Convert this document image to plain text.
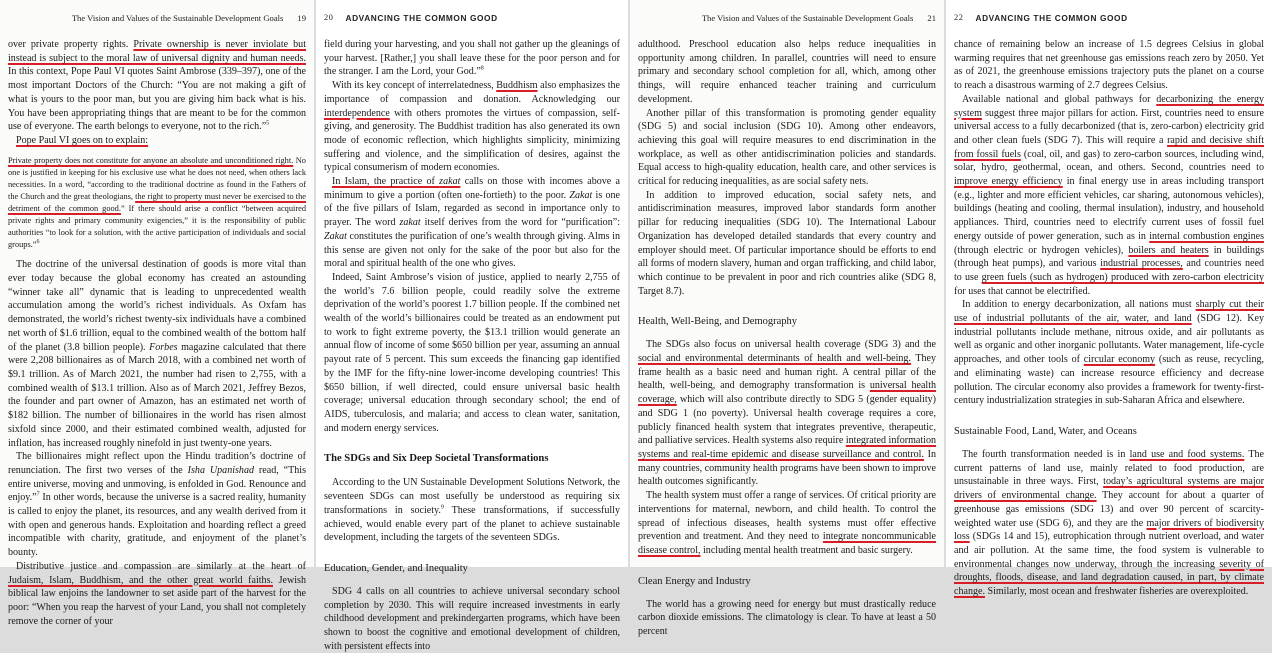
The Vision and Values of the Sustainable Development Goals 19

over private property rights. Private ownership is never inviolate but instead is subject to the moral law of universal dignity and human needs. In this context, Pope Paul VI quotes Saint Ambrose (339–397), one of the most important Doctors of the Church: “You are not making a gift of what is yours to the poor man, but you are giving him back what is his. You have been appropriating things that are meant to be for the common use of everyone. The earth belongs to everyone, not to the rich.”$^5$

Pope Paul VI goes on to explain:

Private property does not constitute for anyone an absolute and unconditioned right. No one is justified in keeping for his exclusive use what he does not need, when others lack necessities. In a word, “according to the traditional doctrine as found in the Fathers of the Church and the great theologians, the right to property must never be exercised to the detriment of the common good.” If there should arise a conflict “between acquired private rights and primary community exigencies,” it is the responsibility of public authorities “to look for a solution, with the active participation of individuals and social groups.”$^6$

The doctrine of the universal destination of goods is more vital than ever today because the global economy has created an astounding “winner take all” dynamic that is leading to unprecedented wealth accumulation among the world’s richest individuals. As Oxfam has demonstrated, the world’s richest twenty-six individuals have a combined net worth of $1.6 trillion, equal to the combined wealth of the bottom half of the planet (3.8 billion people). Forbes magazine calculated that there were 2,208 billionaires as of March 2018, with a combined net worth of $9.1 trillion. As of March 2021, the number had risen to 2,755, with a combined wealth of $13.1 trillion. Also as of March 2021, Jeffrey Bezos, the founder and part owner of Amazon, has an estimated net worth of $182 billion. The number of billionaires in the world has risen almost sixfold since 2000, and their estimated combined wealth, adjusted for inflation, has increased roughly ninefold in just twenty-one years.

The billionaires might reflect upon the Hindu tradition’s doctrine of renunciation. The first two verses of the Isha Upanishad read, “This entire universe, moving and unmoving, is enfolded in God. Renounce and enjoy.”$^7$ In other words, because the universe is a sacred reality, humanity is called to enjoy the planet, its resources, and any wealth derived from it with open and generous hands. Exploitation and hoarding reflect a greed incompatible with charity, gratitude, and enjoyment of the planet’s bounty.

Distributive justice and compassion are similarly at the heart of Judaism, Islam, Buddhism, and the other great world faiths. Jewish biblical law enjoins the landowner to set aside part of the harvest for the poor: “When you reap the harvest of your Land, you shall not completely remove the corner of your

20 ADVANCING THE COMMON GOOD

field during your harvesting, and you shall not gather up the gleanings of your harvest. [Rather,] you shall leave these for the poor person and for the stranger. I am the Lord, your God.”$^8$

With its key concept of interrelatedness, Buddhism also emphasizes the importance of compassion and donation. Acknowledging our interdependence with others promotes the virtues of compassion, self-giving, and generosity. The Buddhist tradition has also generated its own mode of economic reflection, which highlights simplicity, minimizing suffering and violence, and the simplification of desires, against the typical consumerism of modern economies.

In Islam, the practice of zakat calls on those with incomes above a minimum to give a portion (often one-fortieth) to the poor. Zakat is one of the five pillars of Islam, regarded as second in importance only to prayer. The word zakat itself derives from the word for “purification”: Zakat constitutes the purification of one’s wealth through giving. Alms in this sense are given not only for the sake of the poor but also for the moral and spiritual health of the one who gives.

Indeed, Saint Ambrose’s vision of justice, applied to nearly 2,755 of the world’s 7.6 billion people, could readily solve the extreme deprivation of the world’s poorest 1.7 billion people. If the combined net wealth of the world’s billionaires could be treated as an endowment put to work to fight extreme poverty, the $13.1 trillion would generate an annual flow of income of some $650 billion per year, assuming an annual payout rate of 5 percent. This sum exceeds the financing gap identified by the IMF for the fifty-nine lower-income developing countries! This $650 billion, if well directed, could ensure universal basic health coverage; universal education through secondary school; the end of AIDS, tuberculosis, and malaria; and access to clean water, sanitation, and modern energy services.

The SDGs and Six Deep Societal Transformations

According to the UN Sustainable Development Solutions Network, the seventeen SDGs can most usefully be understood as requiring six transformations in society.$^9$ These transformations, if successfully achieved, would enable every part of the planet to achieve sustainable development, including the targets of the seventeen SDGs.

Education, Gender, and Inequality

SDG 4 calls on all countries to achieve universal secondary school completion by 2030. This will require increased investments in early childhood development and prekindergarten programs, which have been shown to boost the cognitive and emotional development of children, with persistent effects into

The Vision and Values of the Sustainable Development Goals 21

adulthood. Preschool education also helps reduce inequalities in opportunity among children. In parallel, countries will need to ensure primary and secondary school completion for all, which, among other things, will require enhanced teacher training and curriculum development.

Another pillar of this transformation is promoting gender equality (SDG 5) and social inclusion (SDG 10). Among other endeavors, achieving this goal will require measures to end discrimination in the workplace, as well as other antidiscrimination policies and standards. Equal access to high-quality education, health care, and other services is critical for reducing inequalities, as are social safety nets.

In addition to improved education, social safety nets, and antidiscrimination measures, improved labor standards form another pillar for reducing inequalities (SDG 10). The International Labour Organization has developed detailed standards that every country and employer should meet. Of particular importance should be efforts to end all forms of modern slavery, human and organ trafficking, and child labor, which continue to be prevalent in poor and rich countries alike (SDG 8, Target 8.7).

Health, Well-Being, and Demography

The SDGs also focus on universal health coverage (SDG 3) and the social and environmental determinants of health and well-being. They frame health as a basic need and human right. A central pillar of the health, well-being, and demography transformation is universal health coverage, which will also contribute directly to SDG 5 (gender equality) and SDG 1 (no poverty). Universal health coverage requires a core, publicly financed health system that integrates preventive, therapeutic, and palliative services. Health systems also require integrated information systems and real-time epidemic and disease surveillance and control. In many countries, community health programs have been shown to improve health outcomes significantly.

The health system must offer a range of services. Of critical priority are interventions for maternal, newborn, and child health. To control the spread of infectious diseases, health systems must offer effective prevention and treatment. And they need to integrate noncommunicable disease control, including mental health treatment and basic surgery.

Clean Energy and Industry

The world has a growing need for energy but must drastically reduce carbon dioxide emissions. The climatology is clear. To have at least a 50 percent

22 ADVANCING THE COMMON GOOD

chance of remaining below an increase of 1.5 degrees Celsius in global warming requires that net greenhouse gas emissions reach zero by 2050. Yet as of 2021, the greenhouse emissions trajectory puts the planet on a course to reach a disastrous warming of 2.7 degrees Celsius.

Available national and global pathways for decarbonizing the energy system suggest three major pillars for action. First, countries need to ensure universal access to a fully decarbonized (that is, zero-carbon) electricity grid and other clean fuels (SDG 7). This will require a rapid and decisive shift from fossil fuels (coal, oil, and gas) to zero-carbon sources, including wind, solar, hydro, geothermal, ocean, and others. Second, countries need to improve energy efficiency in final energy use in areas including transport (e.g., lighter and more efficient vehicles, car sharing, autonomous vehicles), buildings (heating and cooling, thermal insulation), industry, and household appliances. Third, countries need to electrify current uses of fossil fuel energy outside of power generation, such as in internal combustion engines (through electric or hydrogen vehicles), boilers and heaters in buildings (through heat pumps), and various industrial processes, and countries need to use green fuels (such as hydrogen) produced with zero-carbon electricity for uses that cannot be electrified.

In addition to energy decarbonization, all nations must sharply cut their use of industrial pollutants of the air, water, and land (SDG 12). Key industrial pollutants include methane, nitrous oxide, and air pollutants as well as organic and other inorganic pollutants. Water management, life-cycle approaches, and other tools of circular economy (such as reuse, recycling, and eliminating waste) can increase resource efficiency and decrease pollution. The circular economy also provides a framework for twenty-first-century industrialization strategies in sub-Saharan Africa and elsewhere.

Sustainable Food, Land, Water, and Oceans

The fourth transformation needed is in land use and food systems. The current patterns of land use, mainly related to food production, are unsustainable in three ways. First, today’s agricultural systems are major drivers of environmental change. They account for about a quarter of greenhouse gas emissions (SDG 13) and over 90 percent of scarcity-weighted water use (SDG 6), and they are the major drivers of biodiversity loss (SDGs 14 and 15), eutrophication through nutrient overload, and water and air pollution. At the same time, the food system is vulnerable to environmental changes now underway, through the increasing severity of droughts, floods, disease, and land degradation caused, in part, by climate change. Similarly, most ocean and freshwater fisheries are overexploited.
